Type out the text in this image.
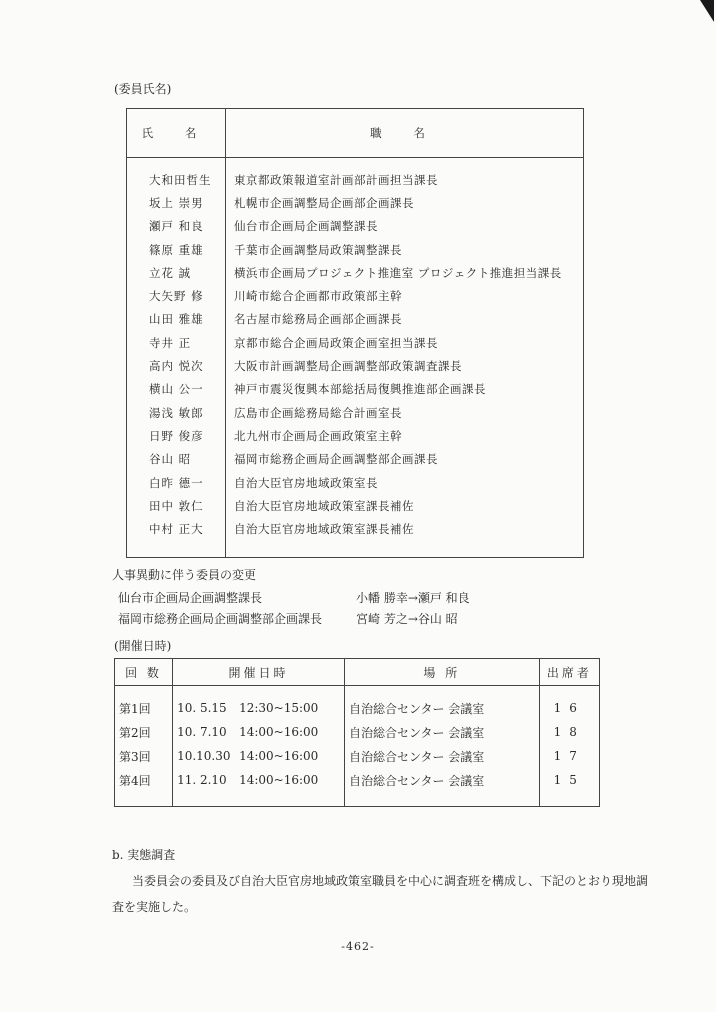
(委員氏名)
氏 名	職 名

大和田哲生	東京都政策報道室計画部計画担当課長
坂上 崇男	札幌市企画調整局企画部企画課長
瀬戸 和良	仙台市企画局企画調整課長
篠原 重雄	千葉市企画調整局政策調整課長
立花 誠	横浜市企画局プロジェクト推進室 プロジェクト推進担当課長
大矢野 修	川崎市総合企画都市政策部主幹
山田 雅雄	名古屋市総務局企画部企画課長
寺井 正	京都市総合企画局政策企画室担当課長
高内 悦次	大阪市計画調整局企画調整部政策調査課長
横山 公一	神戸市震災復興本部総括局復興推進部企画課長
湯浅 敏郎	広島市企画総務局総合計画室長
日野 俊彦	北九州市企画局企画政策室主幹
谷山 昭	福岡市総務企画局企画調整部企画課長
白昨 德一	自治大臣官房地域政策室長
田中 敦仁	自治大臣官房地域政策室課長補佐
中村 正大	自治大臣官房地域政策室課長補佐

人事異動に伴う委員の変更
仙台市企画局企画調整課長	小幡 勝幸→瀬戸 和良
福岡市総務企画局企画調整部企画課長	宮崎 芳之→谷山 昭
(開催日時)
回 数	開催日時	場 所	出席者

第1回	10. 5.15 12:30~15:00	自治総合センター 会議室	16
第2回	10. 7.10 14:00~16:00	自治総合センター 会議室	18
第3回	10.10.30 14:00~16:00	自治総合センター 会議室	17
第4回	11. 2.10 14:00~16:00	自治総合センター 会議室	15

b. 実態調査

当委員会の委員及び自治大臣官房地域政策室職員を中心に調査班を構成し、下記のとおり現地調査を実施した。

-462-
